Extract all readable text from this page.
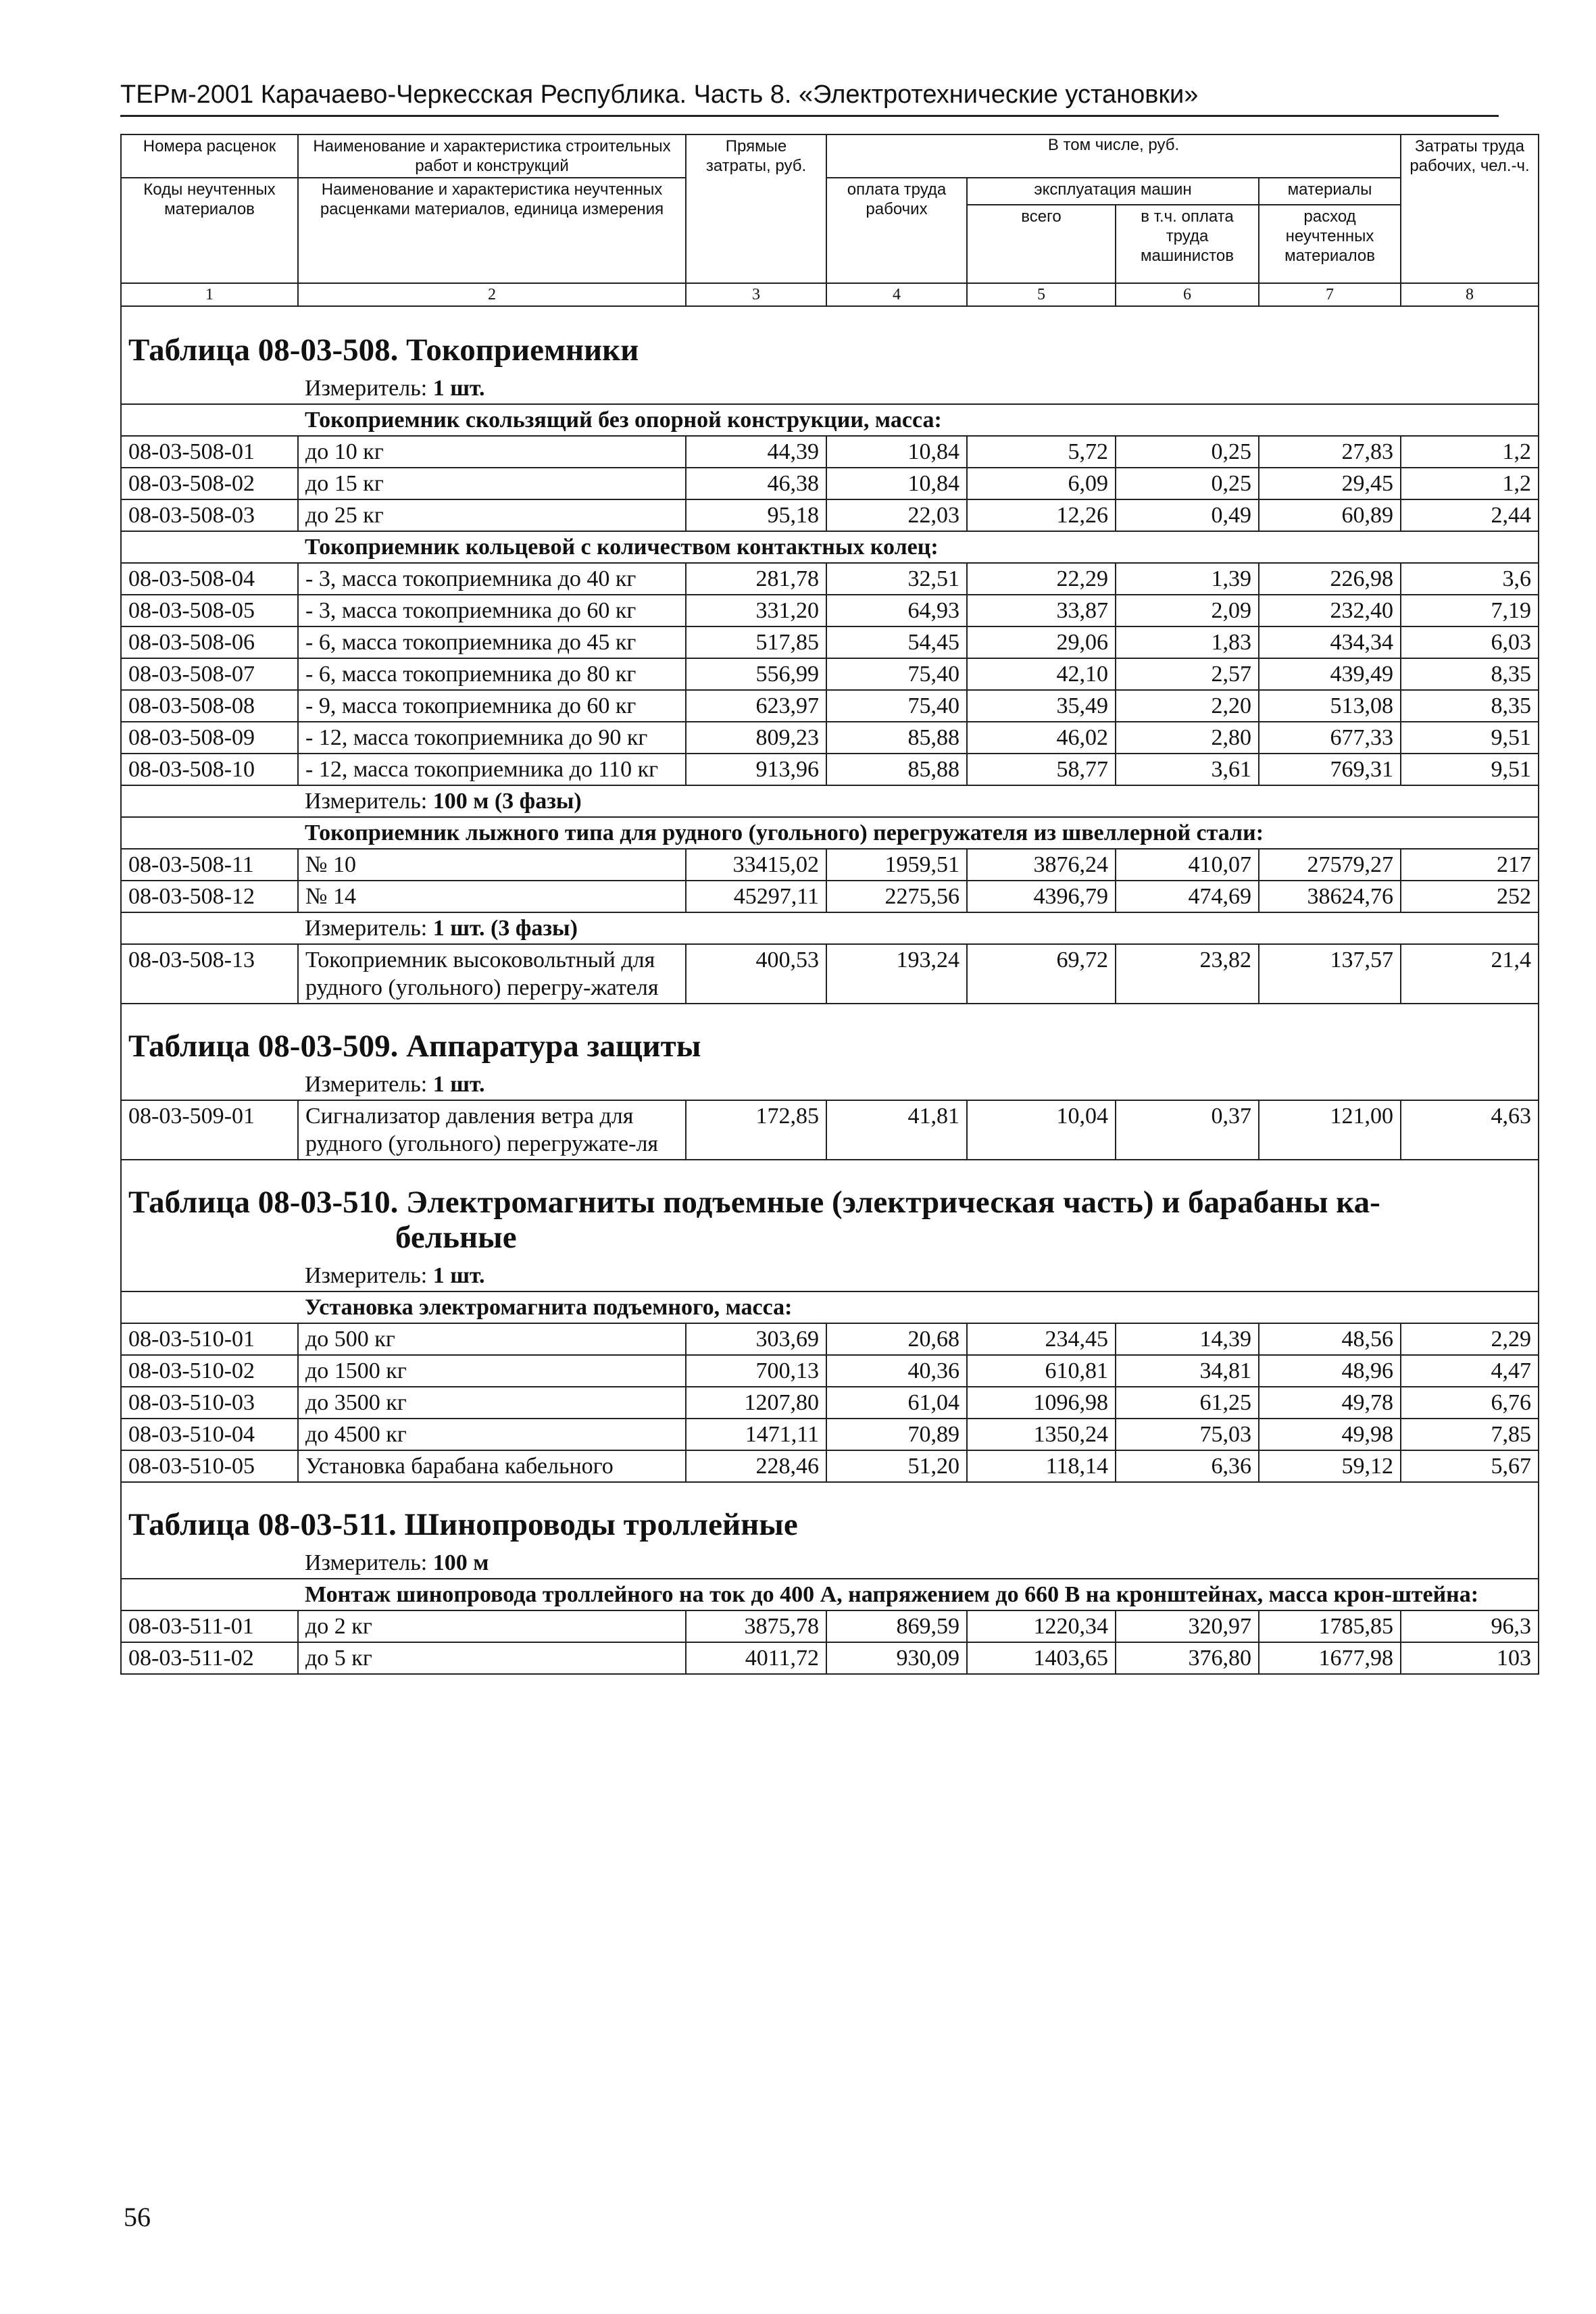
ТЕРм-2001 Карачаево-Черкесская Республика. Часть 8. «Электротехнические установки»
Номера расценок	Наименование и характеристика строительных работ и конструкций	Прямые затраты, руб.	В том числе, руб.				Затраты труда рабочих, чел.-ч.
Коды неучтенных материалов	Наименование и характеристика неучтенных расценками материалов, единица измерения		оплата труда рабочих	эксплуатация машин		материалы	
				всего	в т.ч. оплата труда машинистов	расход неучтенных материалов	
1	2	3	4	5	6	7	8
Таблица 08-03-508. Токоприемники							
	Измеритель: 1 шт.						
	Токоприемник скользящий без опорной конструкции, масса:						
08-03-508-01	до 10 кг	44,39	10,84	5,72	0,25	27,83	1,2
08-03-508-02	до 15 кг	46,38	10,84	6,09	0,25	29,45	1,2
08-03-508-03	до 25 кг	95,18	22,03	12,26	0,49	60,89	2,44
	Токоприемник кольцевой с количеством контактных колец:						
08-03-508-04	- 3, масса токоприемника до 40 кг	281,78	32,51	22,29	1,39	226,98	3,6
08-03-508-05	- 3, масса токоприемника до 60 кг	331,20	64,93	33,87	2,09	232,40	7,19
08-03-508-06	- 6, масса токоприемника до 45 кг	517,85	54,45	29,06	1,83	434,34	6,03
08-03-508-07	- 6, масса токоприемника до 80 кг	556,99	75,40	42,10	2,57	439,49	8,35
08-03-508-08	- 9, масса токоприемника до 60 кг	623,97	75,40	35,49	2,20	513,08	8,35
08-03-508-09	- 12, масса токоприемника до 90 кг	809,23	85,88	46,02	2,80	677,33	9,51
08-03-508-10	- 12, масса токоприемника до 110 кг	913,96	85,88	58,77	3,61	769,31	9,51
	Измеритель: 100 м (3 фазы)						
	Токоприемник лыжного типа для рудного (угольного) перегружателя из швеллерной стали:						
08-03-508-11	№ 10	33415,02	1959,51	3876,24	410,07	27579,27	217
08-03-508-12	№ 14	45297,11	2275,56	4396,79	474,69	38624,76	252
	Измеритель: 1 шт. (3 фазы)						
08-03-508-13	Токоприемник высоковольтный для рудного (угольного) перегру-жателя	400,53	193,24	69,72	23,82	137,57	21,4
Таблица 08-03-509. Аппаратура защиты							
	Измеритель: 1 шт.						
08-03-509-01	Сигнализатор давления ветра для рудного (угольного) перегружате-ля	172,85	41,81	10,04	0,37	121,00	4,63
Таблица 08-03-510. Электромагниты подъемные (электрическая часть) и барабаны ка-
бельные							

	Измеритель: 1 шт.						
	Установка электромагнита подъемного, масса:						
08-03-510-01	до 500 кг	303,69	20,68	234,45	14,39	48,56	2,29
08-03-510-02	до 1500 кг	700,13	40,36	610,81	34,81	48,96	4,47
08-03-510-03	до 3500 кг	1207,80	61,04	1096,98	61,25	49,78	6,76
08-03-510-04	до 4500 кг	1471,11	70,89	1350,24	75,03	49,98	7,85
08-03-510-05	Установка барабана кабельного	228,46	51,20	118,14	6,36	59,12	5,67
Таблица 08-03-511. Шинопроводы троллейные							
	Измеритель: 100 м						
	Монтаж шинопровода троллейного на ток до 400 А, напряжением до 660 В на кронштейнах, масса крон-штейна:						
08-03-511-01	до 2 кг	3875,78	869,59	1220,34	320,97	1785,85	96,3
08-03-511-02	до 5 кг	4011,72	930,09	1403,65	376,80	1677,98	103
56
